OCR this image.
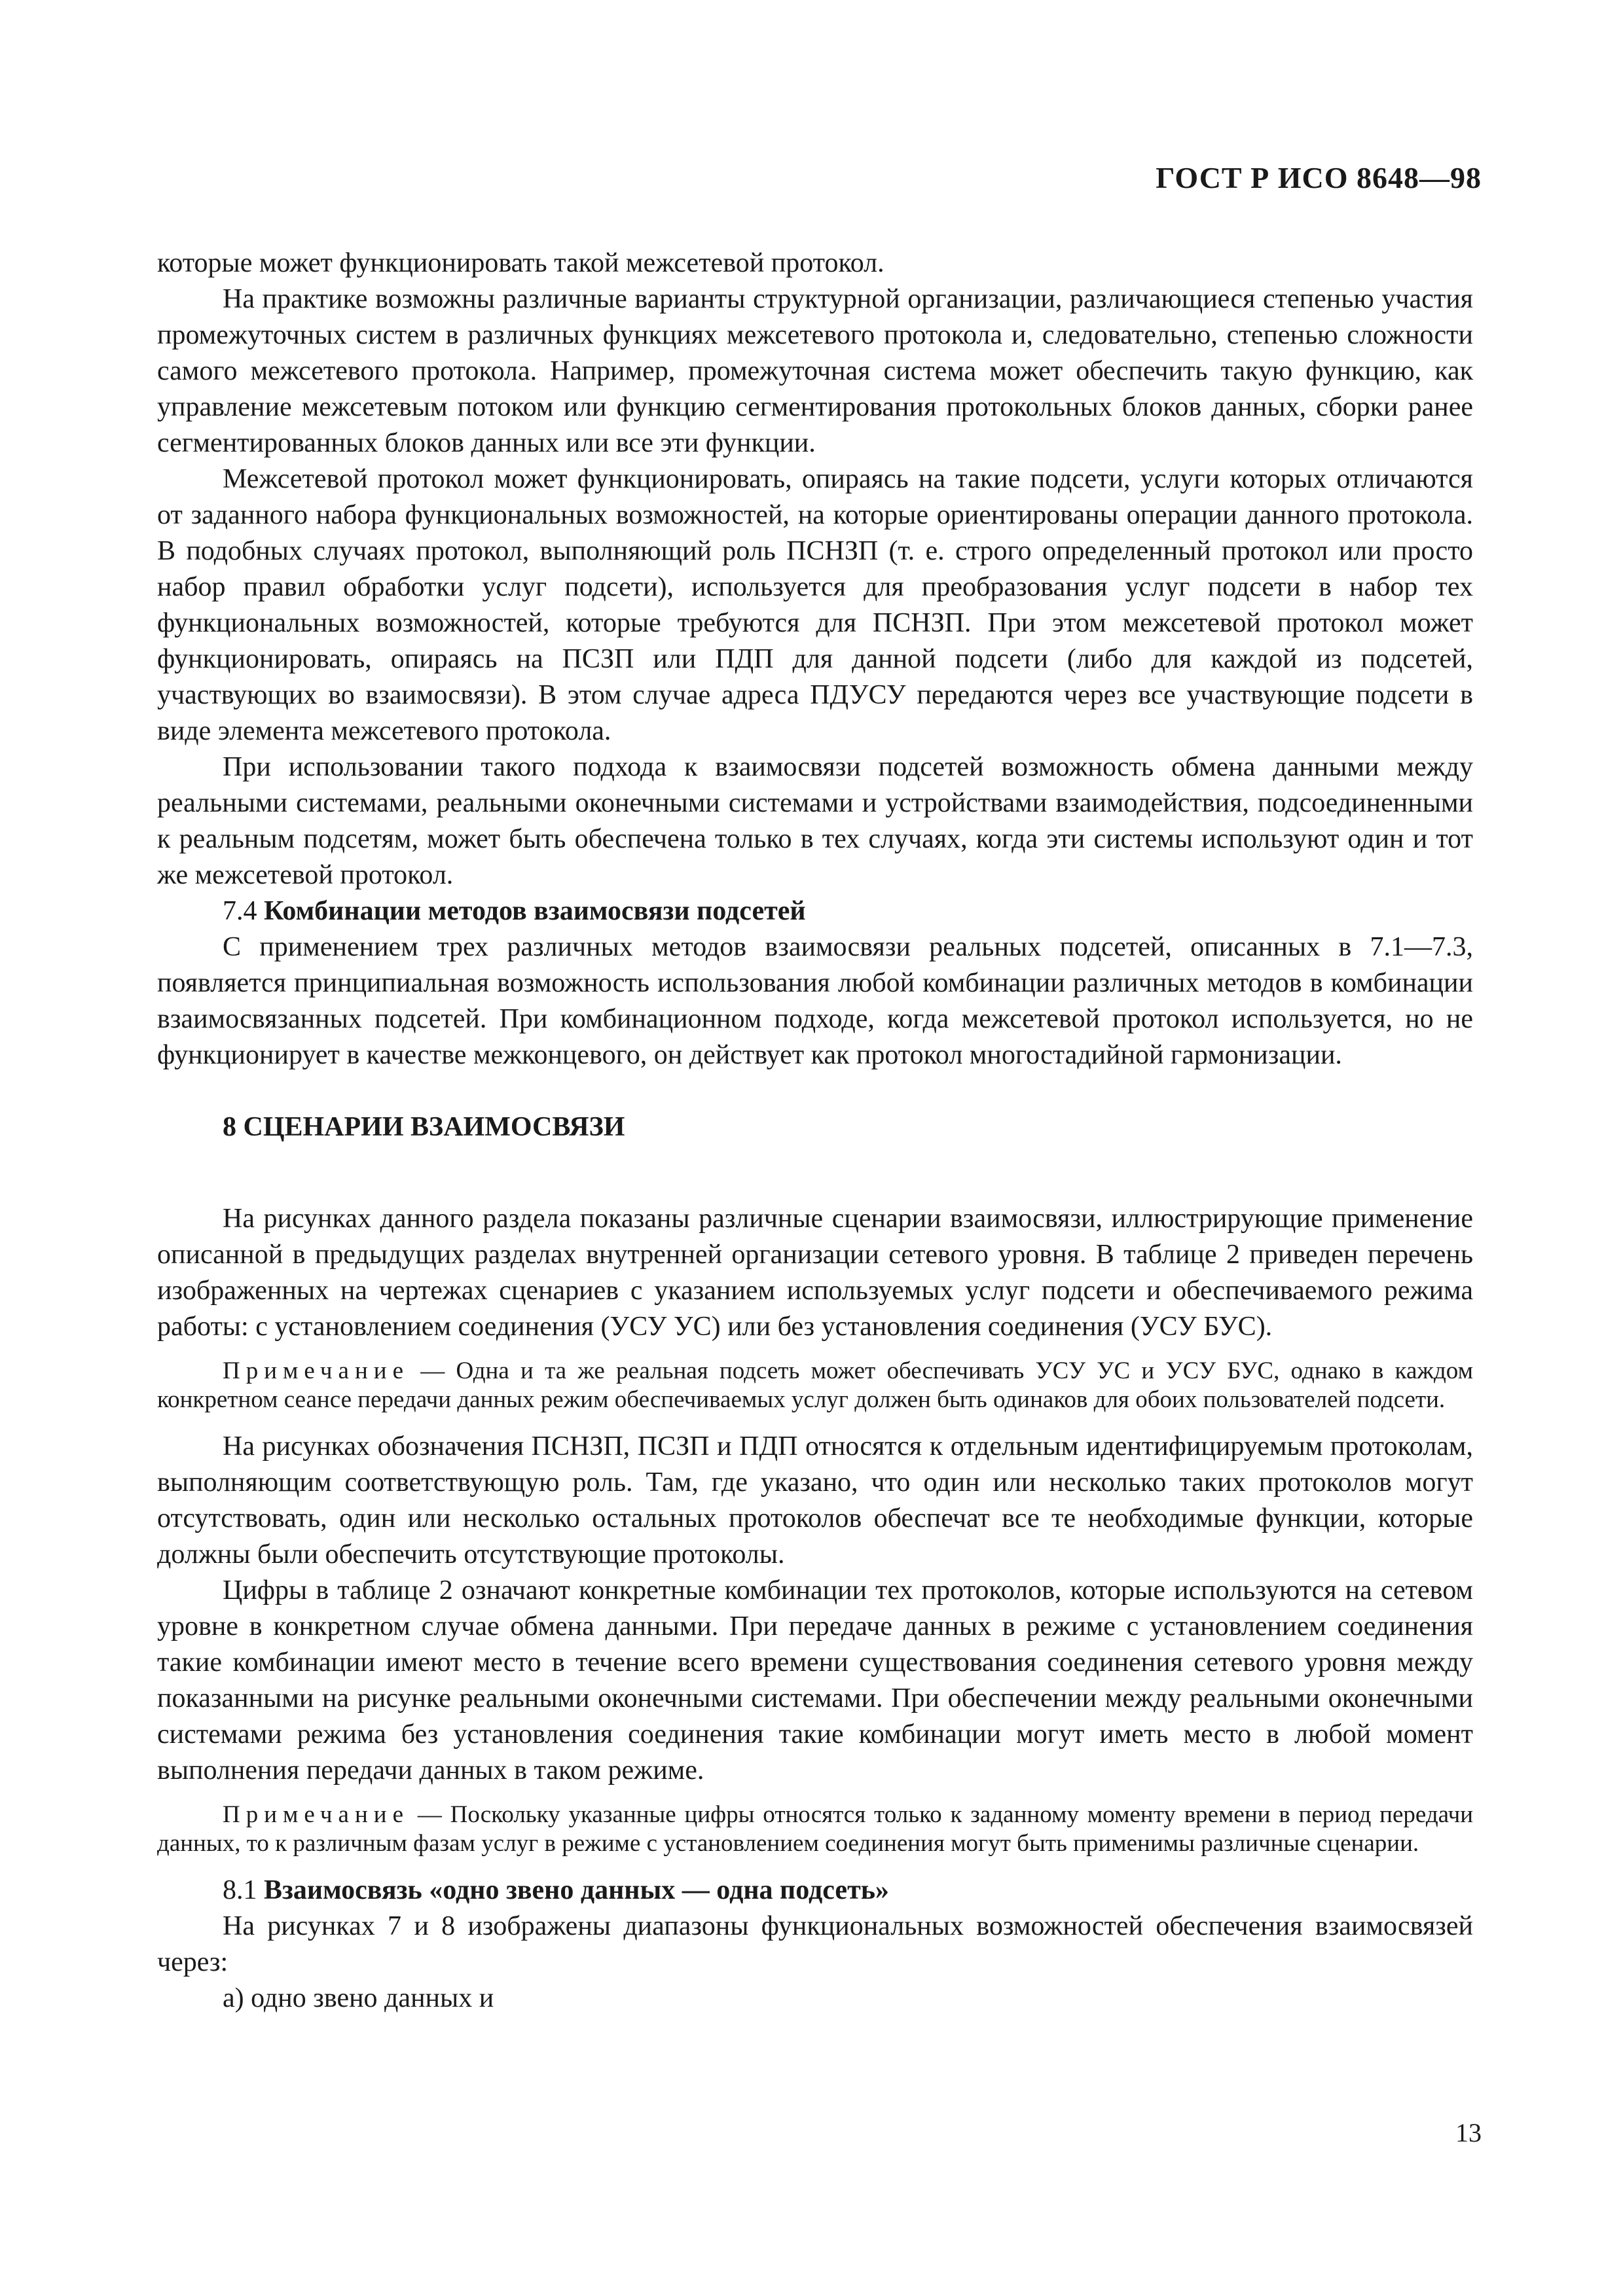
ГОСТ Р ИСО 8648—98

которые может функционировать такой межсетевой протокол.

На практике возможны различные варианты структурной организации, различающиеся степенью участия промежуточных систем в различных функциях межсетевого протокола и, следовательно, степенью сложности самого межсетевого протокола. Например, промежуточная система может обеспечить такую функцию, как управление межсетевым потоком или функцию сегментирования протокольных блоков данных, сборки ранее сегментированных блоков данных или все эти функции.

Межсетевой протокол может функционировать, опираясь на такие подсети, услуги которых отличаются от заданного набора функциональных возможностей, на которые ориентированы операции данного протокола. В подобных случаях протокол, выполняющий роль ПСНЗП (т. е. строго определенный протокол или просто набор правил обработки услуг подсети), используется для преобразования услуг подсети в набор тех функциональных возможностей, которые требуются для ПСНЗП. При этом межсетевой протокол может функционировать, опираясь на ПСЗП или ПДП для данной подсети (либо для каждой из подсетей, участвующих во взаимосвязи). В этом случае адреса ПДУСУ передаются через все участвующие подсети в виде элемента межсетевого протокола.

При использовании такого подхода к взаимосвязи подсетей возможность обмена данными между реальными системами, реальными оконечными системами и устройствами взаимодействия, подсоединенными к реальным подсетям, может быть обеспечена только в тех случаях, когда эти системы используют один и тот же межсетевой протокол.

7.4 Комбинации методов взаимосвязи подсетей

С применением трех различных методов взаимосвязи реальных подсетей, описанных в 7.1—7.3, появляется принципиальная возможность использования любой комбинации различных методов в комбинации взаимосвязанных подсетей. При комбинационном подходе, когда межсетевой протокол используется, но не функционирует в качестве межконцевого, он действует как протокол многостадийной гармонизации.

8 СЦЕНАРИИ ВЗАИМОСВЯЗИ

На рисунках данного раздела показаны различные сценарии взаимосвязи, иллюстрирующие применение описанной в предыдущих разделах внутренней организации сетевого уровня. В таблице 2 приведен перечень изображенных на чертежах сценариев с указанием используемых услуг подсети и обеспечиваемого режима работы: с установлением соединения (УСУ УС) или без установления соединения (УСУ БУС).

Примечание — Одна и та же реальная подсеть может обеспечивать УСУ УС и УСУ БУС, однако в каждом конкретном сеансе передачи данных режим обеспечиваемых услуг должен быть одинаков для обоих пользователей подсети.

На рисунках обозначения ПСНЗП, ПСЗП и ПДП относятся к отдельным идентифицируемым протоколам, выполняющим соответствующую роль. Там, где указано, что один или несколько таких протоколов могут отсутствовать, один или несколько остальных протоколов обеспечат все те необходимые функции, которые должны были обеспечить отсутствующие протоколы.

Цифры в таблице 2 означают конкретные комбинации тех протоколов, которые используются на сетевом уровне в конкретном случае обмена данными. При передаче данных в режиме с установлением соединения такие комбинации имеют место в течение всего времени существования соединения сетевого уровня между показанными на рисунке реальными оконечными системами. При обеспечении между реальными оконечными системами режима без установления соединения такие комбинации могут иметь место в любой момент выполнения передачи данных в таком режиме.

Примечание — Поскольку указанные цифры относятся только к заданному моменту времени в период передачи данных, то к различным фазам услуг в режиме с установлением соединения могут быть применимы различные сценарии.

8.1 Взаимосвязь «одно звено данных — одна подсеть»

На рисунках 7 и 8 изображены диапазоны функциональных возможностей обеспечения взаимосвязей через:

а) одно звено данных и

13
